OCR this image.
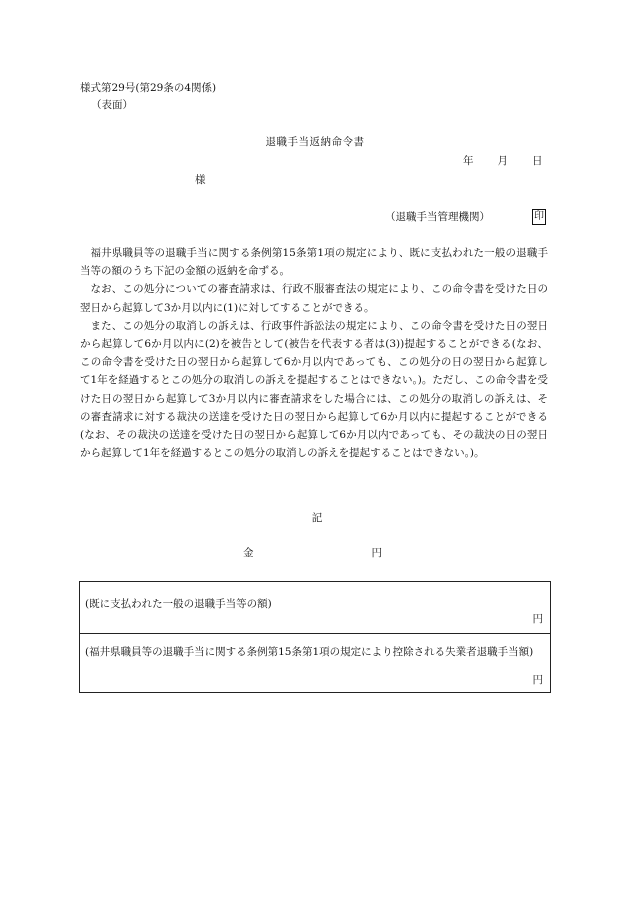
様式第29号(第29条の4関係)
（表面）
退職手当返納命令書
年 月 日
様
（退職手当管理機関）	印

福井県職員等の退職手当に関する条例第15条第1項の規定により、既に支払われた一般の退職手当等の額のうち下記の金額の返納を命ずる。

なお、この処分についての審査請求は、行政不服審査法の規定により、この命令書を受けた日の翌日から起算して3か月以内に(1)に対してすることができる。

また、この処分の取消しの訴えは、行政事件訴訟法の規定により、この命令書を受けた日の翌日から起算して6か月以内に(2)を被告として(被告を代表する者は(3))提起することができる(なお、この命令書を受けた日の翌日から起算して6か月以内であっても、この処分の日の翌日から起算して1年を経過するとこの処分の取消しの訴えを提起することはできない。)。ただし、この命令書を受けた日の翌日から起算して3か月以内に審査請求をした場合には、この処分の取消しの訴えは、その審査請求に対する裁決の送達を受けた日の翌日から起算して6か月以内に提起することができる(なお、その裁決の送達を受けた日の翌日から起算して6か月以内であっても、その裁決の日の翌日から起算して1年を経過するとこの処分の取消しの訴えを提起することはできない。)。

記
金	円
(既に支払われた一般の退職手当等の額)
円
(福井県職員等の退職手当に関する条例第15条第1項の規定により控除される失業者退職手当額)
円
